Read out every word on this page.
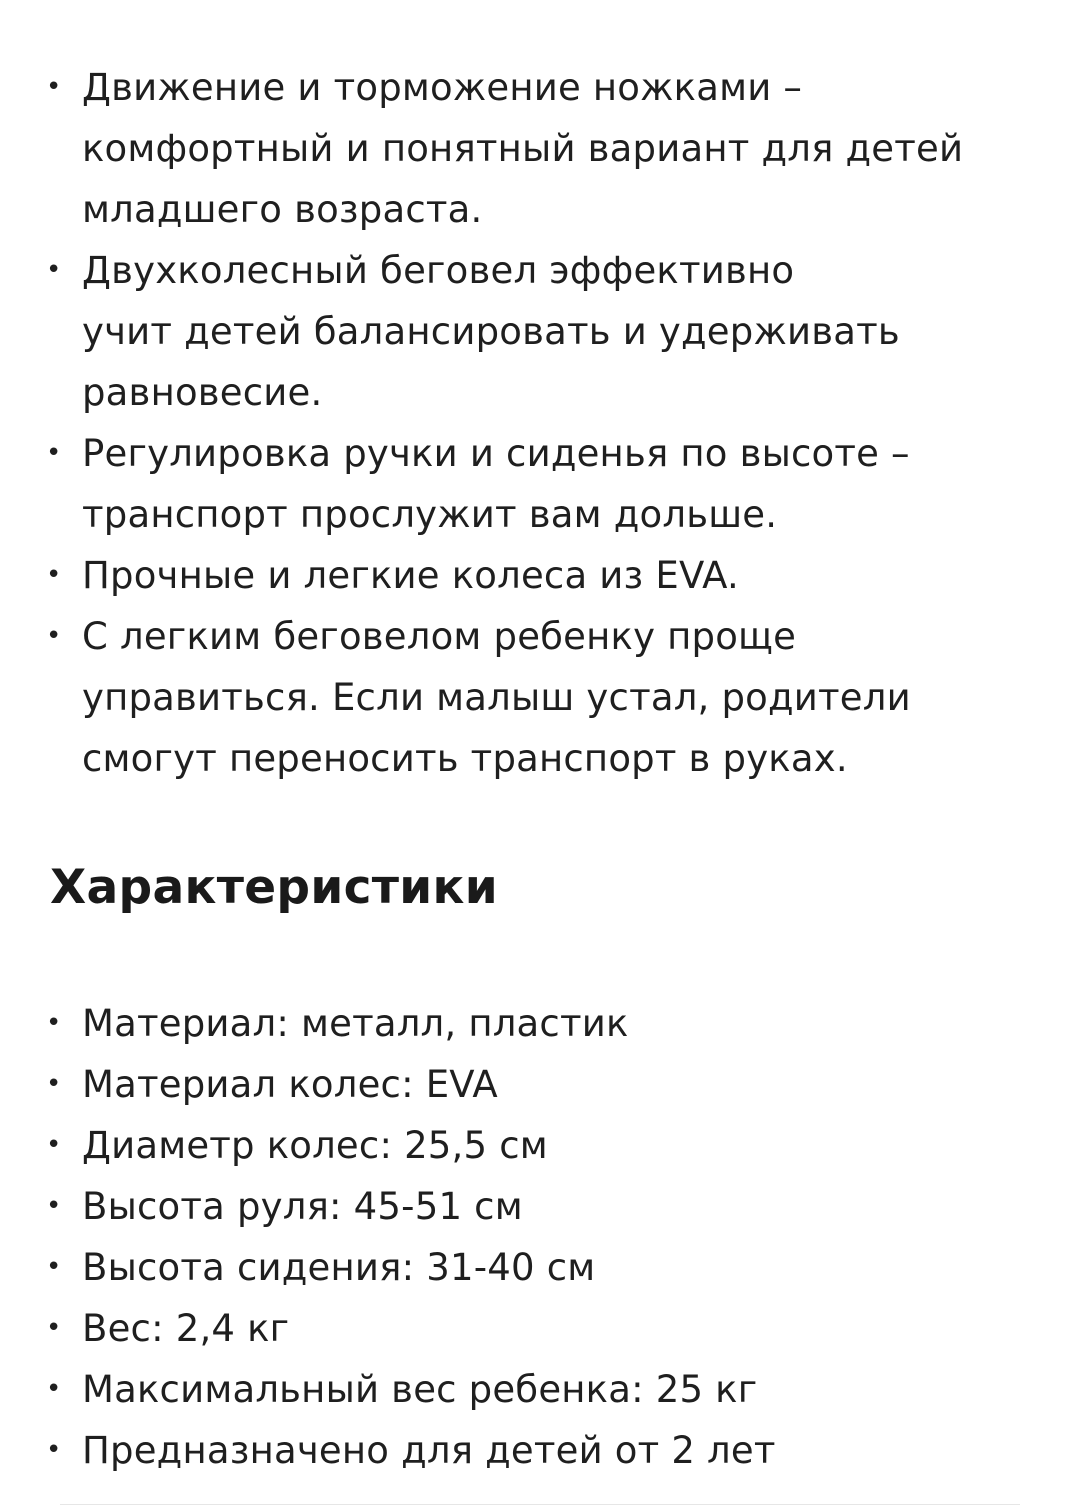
• Движение и торможение ножками –
комфортный и понятный вариант для детей
младшего возраста.
• Двухколесный беговел эффективно
учит детей балансировать и удерживать
равновесие.
• Регулировка ручки и сиденья по высоте –
транспорт прослужит вам дольше.
• Прочные и легкие колеса из EVA.
• С легким беговелом ребенку проще
управиться. Если малыш устал, родители
смогут переносить транспорт в руках.
Характеристики
• Материал: металл, пластик
• Материал колес: EVA
• Диаметр колес: 25,5 см
• Высота руля: 45-51 см
• Высота сидения: 31-40 см
• Вес: 2,4 кг
• Максимальный вес ребенка: 25 кг
• Предназначено для детей от 2 лет
